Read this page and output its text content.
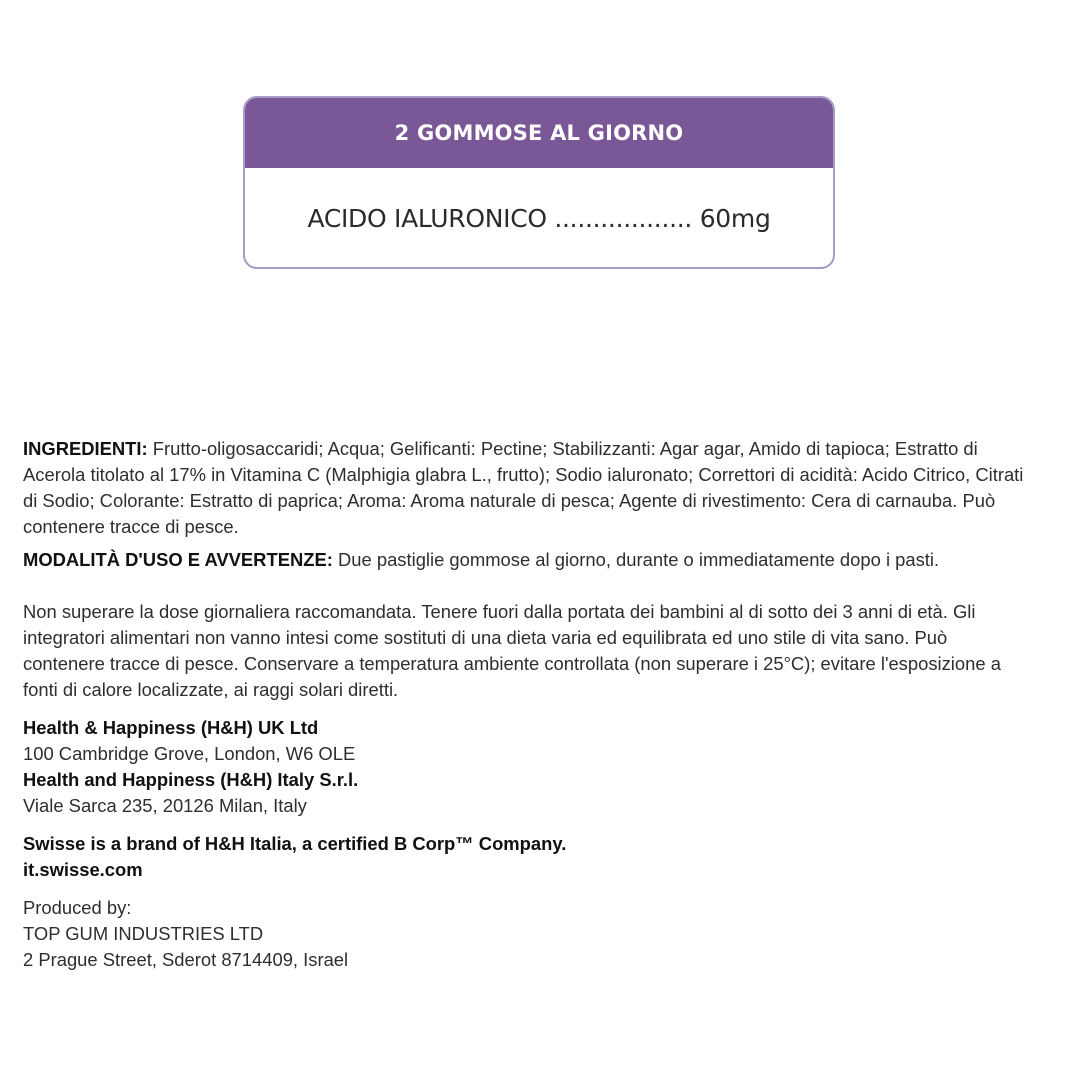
2 GOMMOSE AL GIORNO
ACIDO IALURONICO .................. 60mg

INGREDIENTI: Frutto-oligosaccaridi; Acqua; Gelificanti: Pectine; Stabilizzanti: Agar agar, Amido di tapioca; Estratto di Acerola titolato al 17% in Vitamina C (Malphigia glabra L., frutto); Sodio ialuronato; Correttori di acidità: Acido Citrico, Citrati di Sodio; Colorante: Estratto di paprica; Aroma: Aroma naturale di pesca; Agente di rivestimento: Cera di carnauba. Può contenere tracce di pesce.

MODALITÀ D'USO E AVVERTENZE: Due pastiglie gommose al giorno, durante o immediatamente dopo i pasti.

Non superare la dose giornaliera raccomandata. Tenere fuori dalla portata dei bambini al di sotto dei 3 anni di età. Gli integratori alimentari non vanno intesi come sostituti di una dieta varia ed equilibrata ed uno stile di vita sano. Può contenere tracce di pesce. Conservare a temperatura ambiente controllata (non superare i 25°C); evitare l'esposizione a fonti di calore localizzate, ai raggi solari diretti.

Health & Happiness (H&H) UK Ltd
100 Cambridge Grove, London, W6 OLE
Health and Happiness (H&H) Italy S.r.l.
Viale Sarca 235, 20126 Milan, Italy
Swisse is a brand of H&H Italia, a certified B Corp™ Company.
it.swisse.com
Produced by:
TOP GUM INDUSTRIES LTD
2 Prague Street, Sderot 8714409, Israel
